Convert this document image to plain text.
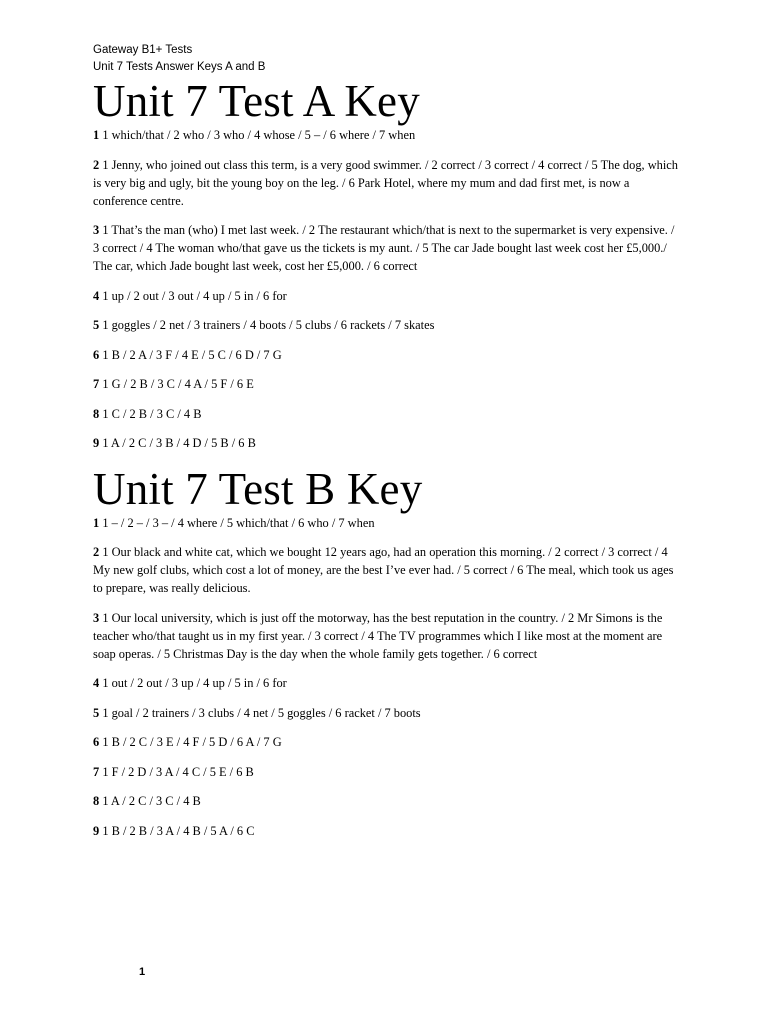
Gateway B1+ Tests

Unit 7 Tests Answer Keys A and B

Unit 7 Test A Key

1 1 which/that / 2 who / 3 who / 4 whose / 5 – / 6 where / 7 when

2 1 Jenny, who joined out class this term, is a very good swimmer. / 2 correct / 3 correct / 4 correct / 5 The dog, which is very big and ugly, bit the young boy on the leg. / 6 Park Hotel, where my mum and dad first met, is now a conference centre.

3 1 That’s the man (who) I met last week. / 2 The restaurant which/that is next to the supermarket is very expensive. / 3 correct / 4 The woman who/that gave us the tickets is my aunt. / 5 The car Jade bought last week cost her £5,000./ The car, which Jade bought last week, cost her £5,000. / 6 correct

4 1 up / 2 out / 3 out / 4 up / 5 in / 6 for

5 1 goggles / 2 net / 3 trainers / 4 boots / 5 clubs / 6 rackets / 7 skates

6 1 B / 2 A / 3 F / 4 E / 5 C / 6 D / 7 G

7 1 G / 2 B / 3 C / 4 A / 5 F / 6 E

8 1 C / 2 B / 3 C / 4 B

9 1 A / 2 C / 3 B / 4 D / 5 B / 6 B

Unit 7 Test B Key

1 1 – / 2 – / 3 – / 4 where / 5 which/that / 6 who / 7 when

2 1 Our black and white cat, which we bought 12 years ago, had an operation this morning. / 2 correct / 3 correct / 4 My new golf clubs, which cost a lot of money, are the best I’ve ever had. / 5 correct / 6 The meal, which took us ages to prepare, was really delicious.

3 1 Our local university, which is just off the motorway, has the best reputation in the country. / 2 Mr Simons is the teacher who/that taught us in my first year. / 3 correct / 4 The TV programmes which I like most at the moment are soap operas. / 5 Christmas Day is the day when the whole family gets together. / 6 correct

4 1 out / 2 out / 3 up / 4 up / 5 in / 6 for

5 1 goal / 2 trainers / 3 clubs / 4 net / 5 goggles / 6 racket / 7 boots

6 1 B / 2 C / 3 E / 4 F / 5 D / 6 A / 7 G

7 1 F / 2 D / 3 A / 4 C / 5 E / 6 B

8 1 A / 2 C / 3 C / 4 B

9 1 B / 2 B / 3 A / 4 B / 5 A / 6 C

1
